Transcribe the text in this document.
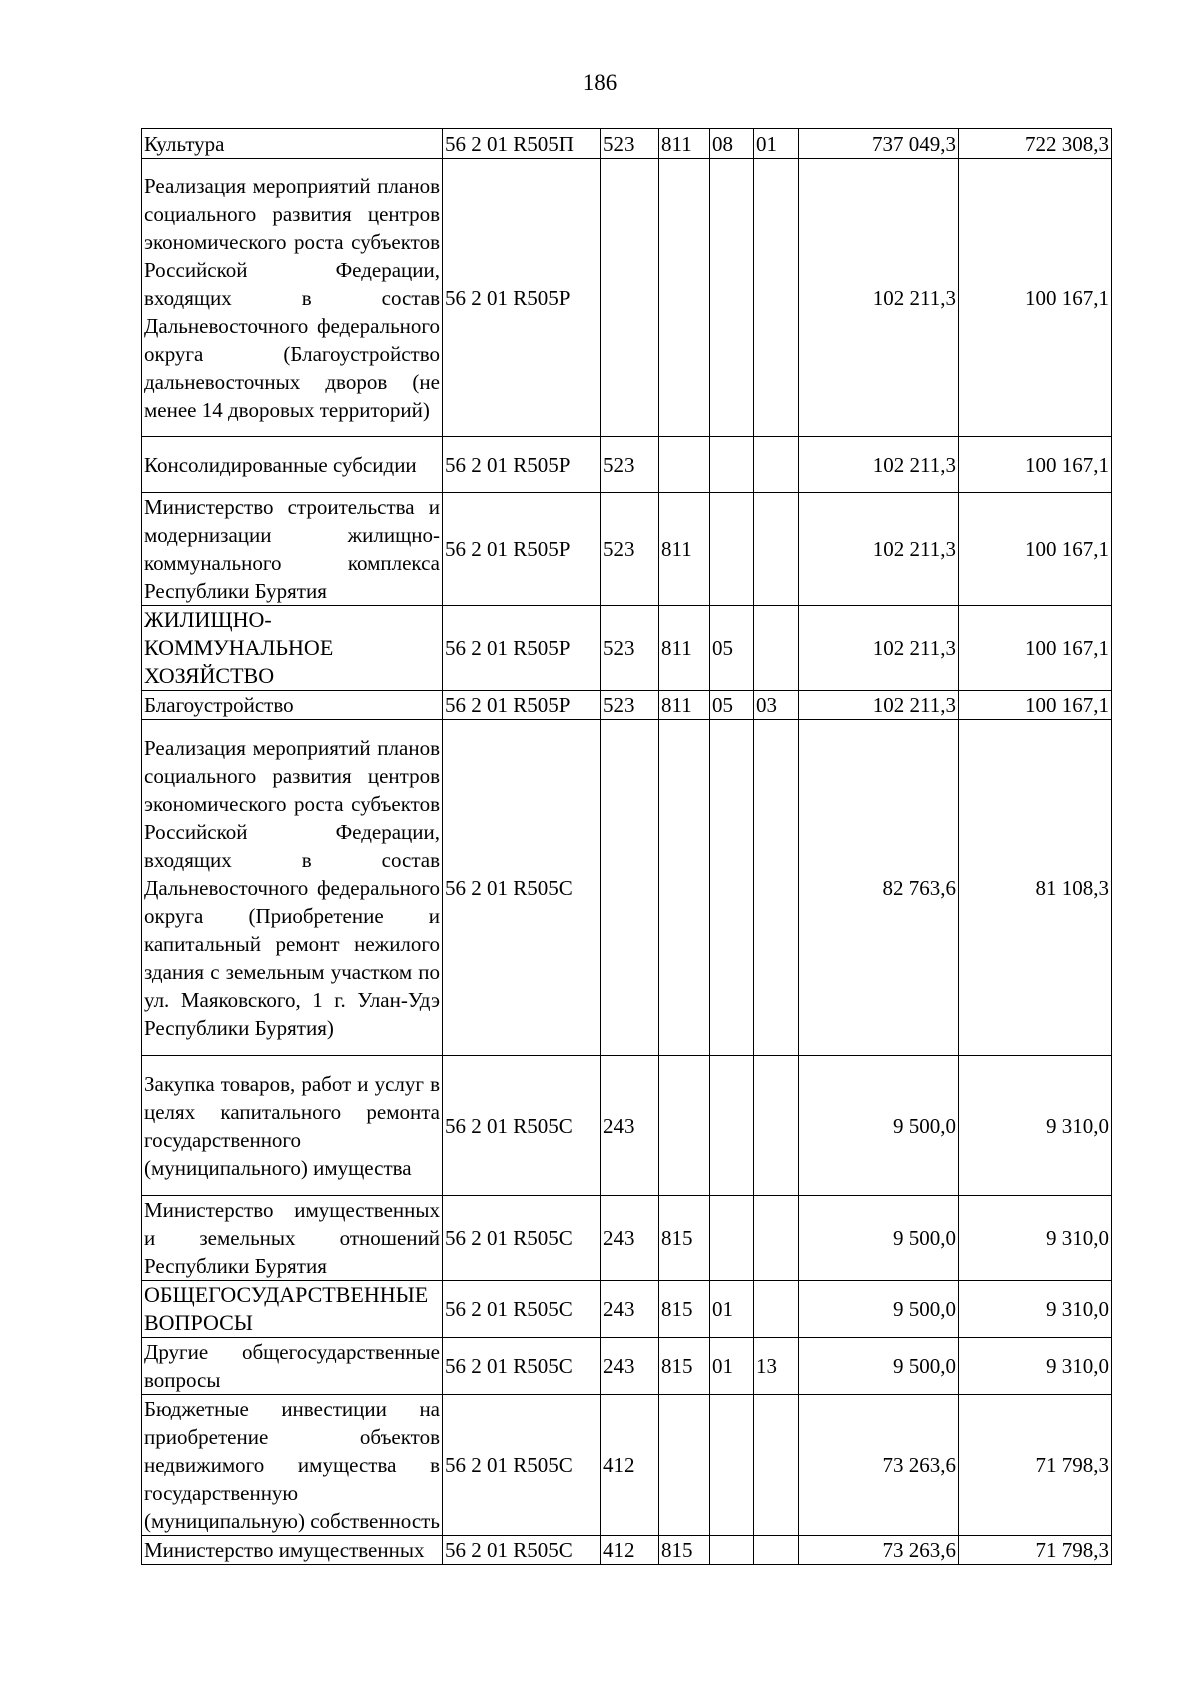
186
Культура	56 2 01 R505П	523	811	08	01	737 049,3	722 308,3
Реализация мероприятий планов социального развития центров экономического роста субъектов Российской Федерации, входящих в состав Дальневосточного федерального округа (Благоустройство дальневосточных дворов (не менее 14 дворовых территорий)	56 2 01 R505Р					102 211,3	100 167,1
Консолидированные субсидии	56 2 01 R505Р	523				102 211,3	100 167,1
Министерство строительства и модернизации жилищно-коммунального комплекса Республики Бурятия	56 2 01 R505Р	523	811			102 211,3	100 167,1
ЖИЛИЩНО-КОММУНАЛЬНОЕ ХОЗЯЙСТВО	56 2 01 R505Р	523	811	05		102 211,3	100 167,1
Благоустройство	56 2 01 R505Р	523	811	05	03	102 211,3	100 167,1
Реализация мероприятий планов социального развития центров экономического роста субъектов Российской Федерации, входящих в состав Дальневосточного федерального округа (Приобретение и капитальный ремонт нежилого здания с земельным участком по ул. Маяковского, 1 г. Улан-Удэ Республики Бурятия)	56 2 01 R505С					82 763,6	81 108,3
Закупка товаров, работ и услуг в целях капитального ремонта государственного (муниципального) имущества	56 2 01 R505С	243				9 500,0	9 310,0
Министерство имущественных и земельных отношений Республики Бурятия	56 2 01 R505С	243	815			9 500,0	9 310,0
ОБЩЕГОСУДАРСТВЕННЫЕ ВОПРОСЫ	56 2 01 R505С	243	815	01		9 500,0	9 310,0
Другие общегосударственные вопросы	56 2 01 R505С	243	815	01	13	9 500,0	9 310,0
Бюджетные инвестиции на приобретение объектов недвижимого имущества в государственную (муниципальную) собственность	56 2 01 R505С	412				73 263,6	71 798,3
Министерство имущественных	56 2 01 R505С	412	815			73 263,6	71 798,3
